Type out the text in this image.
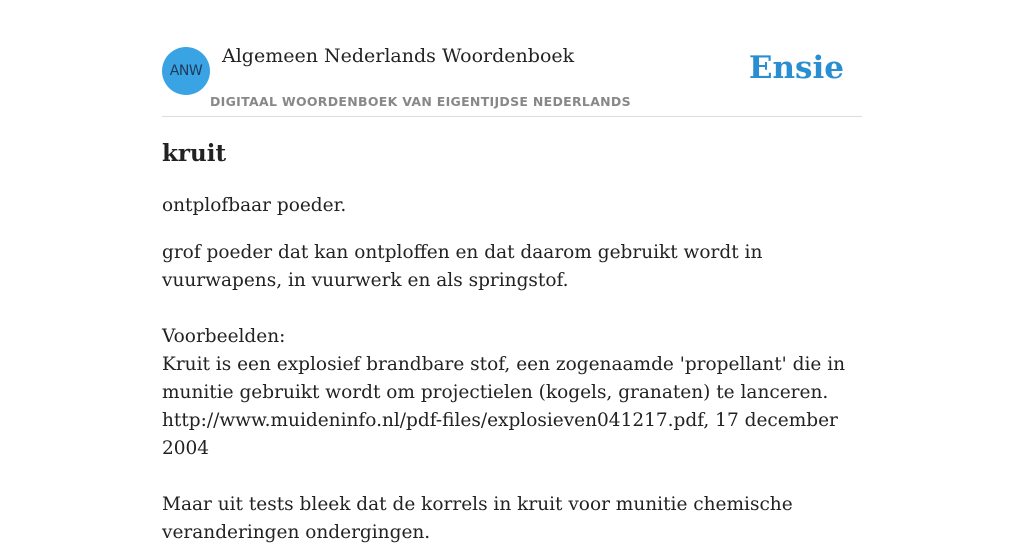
ANW
Algemeen Nederlands Woordenboek
DIGITAAL WOORDENBOEK VAN EIGENTIJDSE NEDERLANDS
Ensie
kruit

ontplofbaar poeder.

grof poeder dat kan ontploffen en dat daarom gebruikt wordt in vuurwapens, in vuurwerk en als springstof.

Voorbeelden:

Kruit is een explosief brandbare stof, een zogenaamde 'propellant' die in munitie gebruikt wordt om projectielen (kogels, granaten) te lanceren.

http://www.muideninfo.nl/pdf-files/explosieven041217.pdf, 17 december 2004

Maar uit tests bleek dat de korrels in kruit voor munitie chemische veranderingen ondergingen.
